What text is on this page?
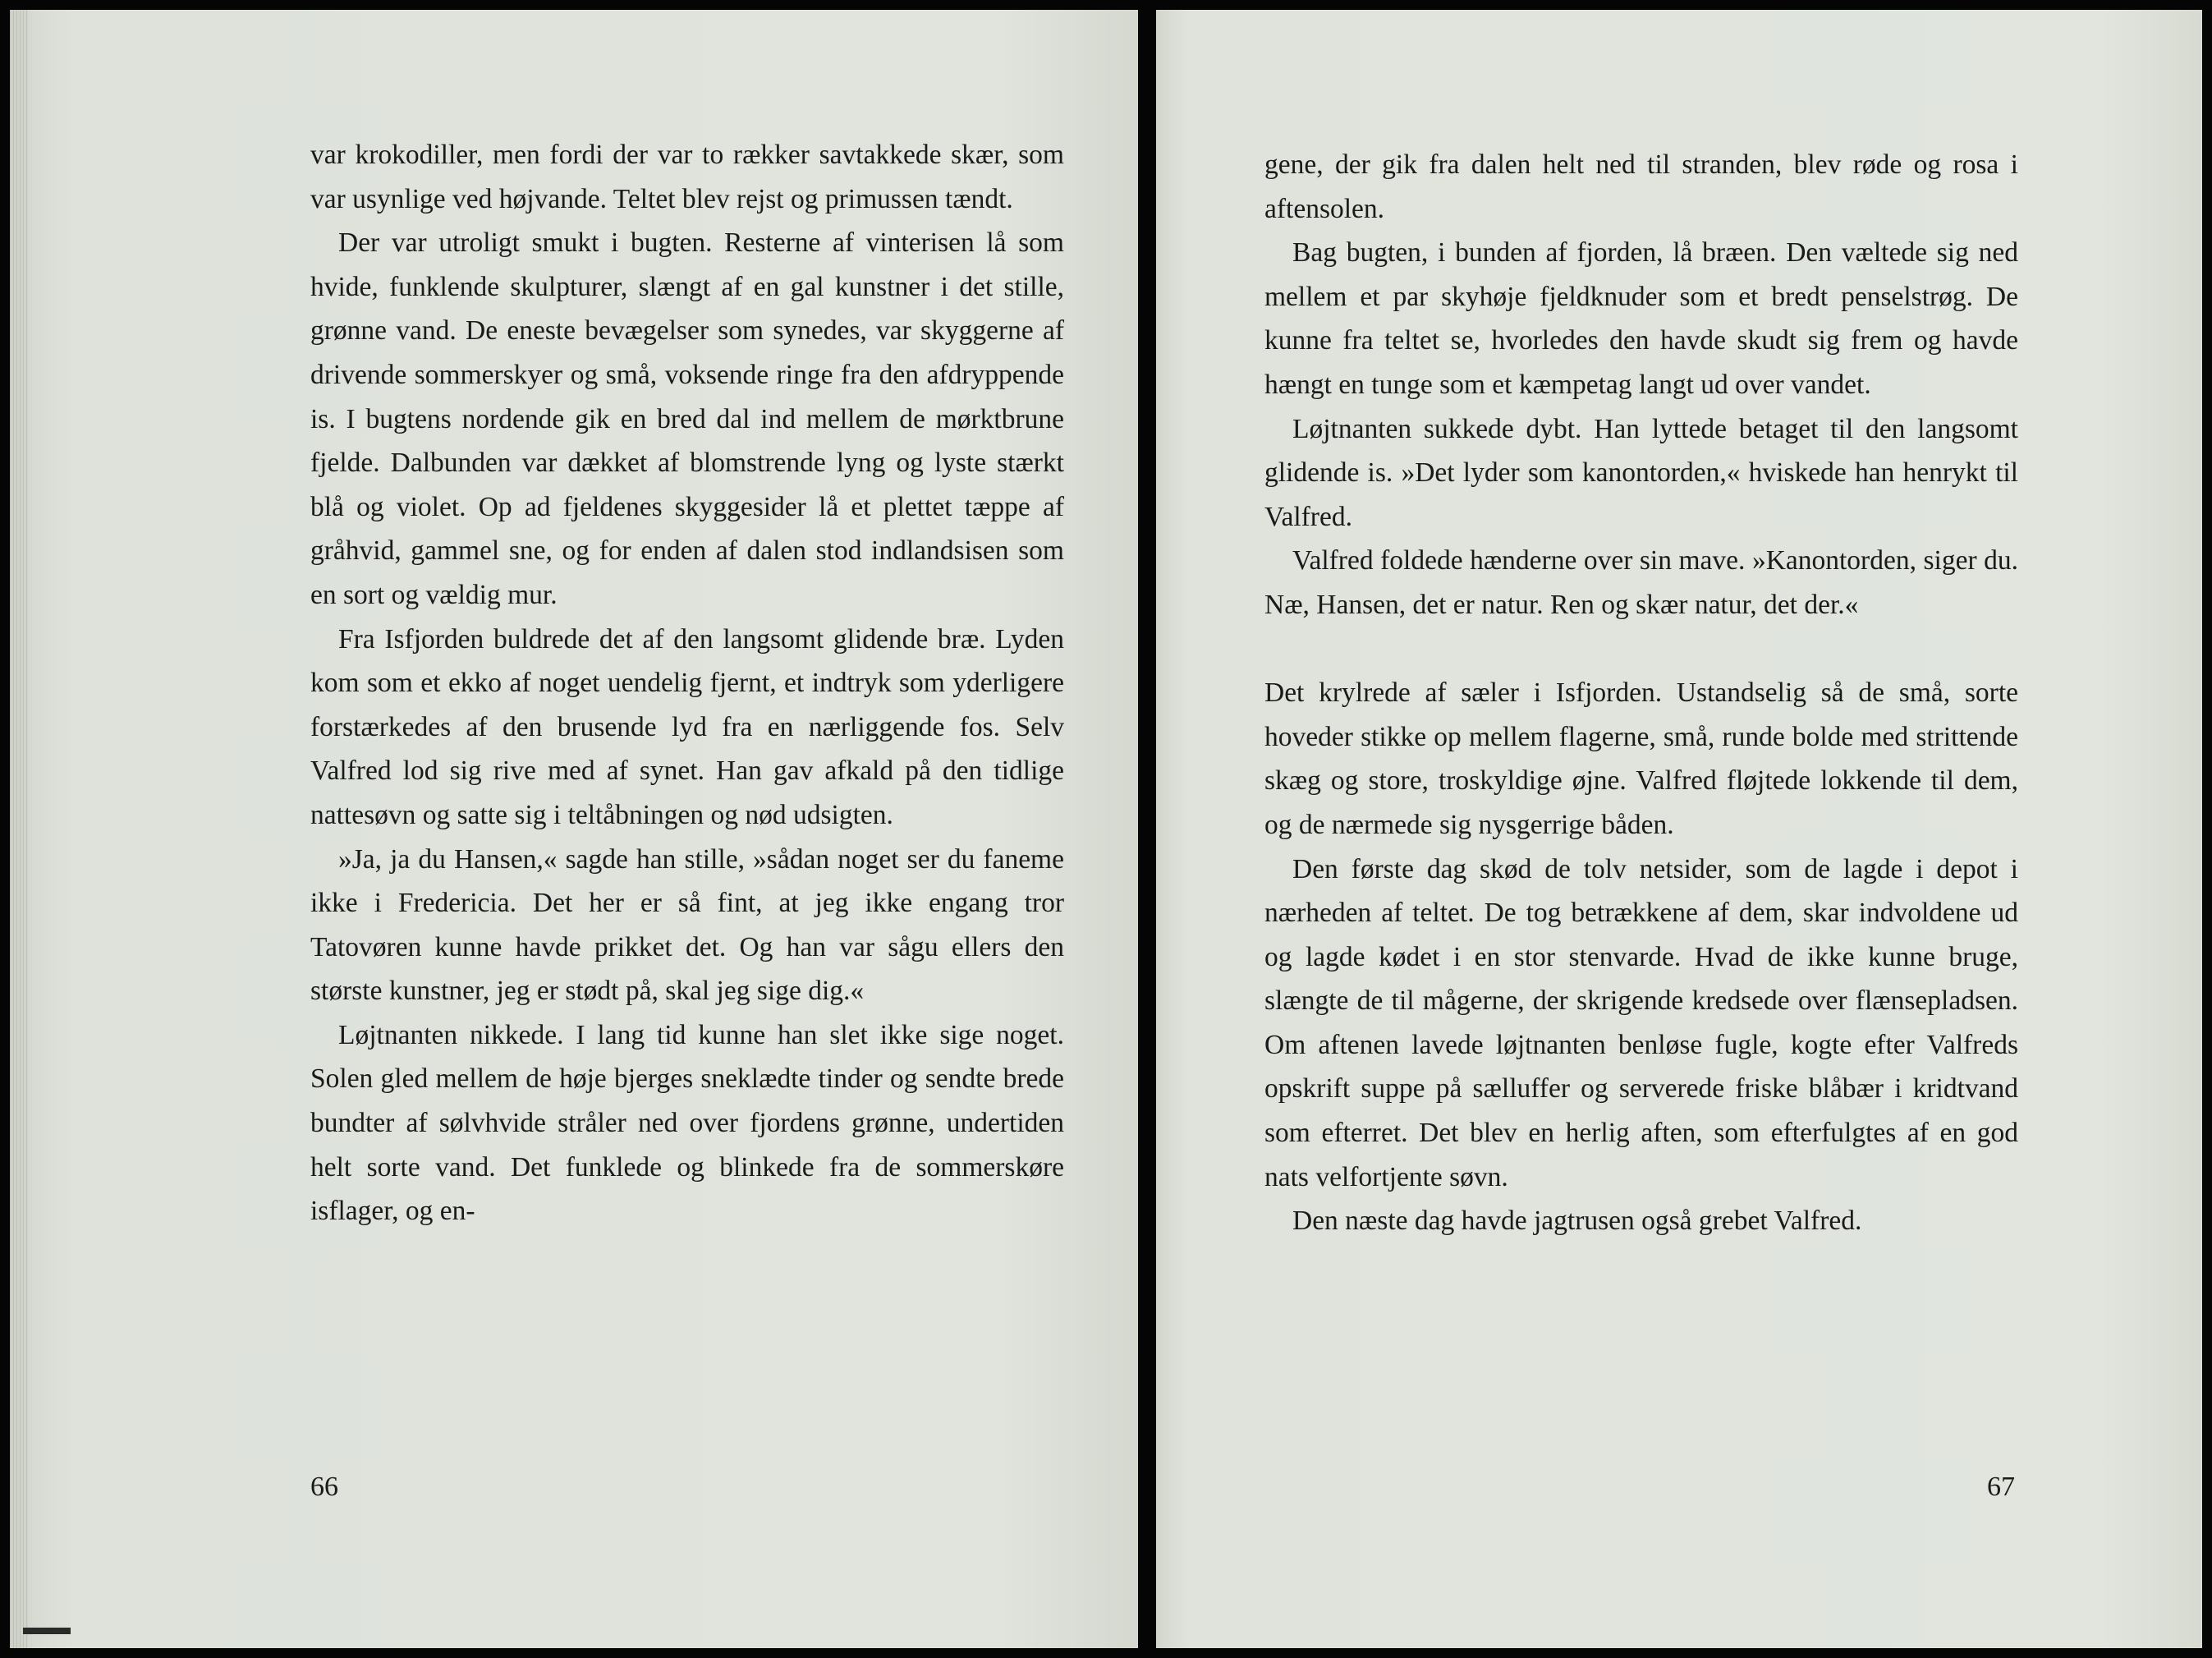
var krokodiller, men fordi der var to rækker savtakkede skær, som var usynlige ved højvande. Teltet blev rejst og primussen tændt.

Der var utroligt smukt i bugten. Resterne af vinterisen lå som hvide, funklende skulpturer, slængt af en gal kunstner i det stille, grønne vand. De eneste bevægelser som synedes, var skyggerne af drivende sommerskyer og små, voksende ringe fra den afdryppende is. I bugtens nordende gik en bred dal ind mellem de mørktbrune fjelde. Dalbunden var dækket af blomstrende lyng og lyste stærkt blå og violet. Op ad fjeldenes skyggesider lå et plettet tæppe af gråhvid, gammel sne, og for enden af dalen stod indlandsisen som en sort og vældig mur.

Fra Isfjorden buldrede det af den langsomt glidende bræ. Lyden kom som et ekko af noget uendelig fjernt, et indtryk som yderligere forstærkedes af den brusende lyd fra en nærliggende fos. Selv Valfred lod sig rive med af synet. Han gav afkald på den tidlige nattesøvn og satte sig i teltåbningen og nød udsigten.

»Ja, ja du Hansen,« sagde han stille, »sådan noget ser du faneme ikke i Fredericia. Det her er så fint, at jeg ikke engang tror Tatovøren kunne havde prikket det. Og han var sågu ellers den største kunstner, jeg er stødt på, skal jeg sige dig.«

Løjtnanten nikkede. I lang tid kunne han slet ikke sige noget. Solen gled mellem de høje bjerges sneklædte tinder og sendte brede bundter af sølvhvide stråler ned over fjordens grønne, undertiden helt sorte vand. Det funklede og blinkede fra de sommerskøre isflager, og en-

66

gene, der gik fra dalen helt ned til stranden, blev røde og rosa i aftensolen.

Bag bugten, i bunden af fjorden, lå bræen. Den væltede sig ned mellem et par skyhøje fjeldknuder som et bredt penselstrøg. De kunne fra teltet se, hvorledes den havde skudt sig frem og havde hængt en tunge som et kæmpetag langt ud over vandet.

Løjtnanten sukkede dybt. Han lyttede betaget til den langsomt glidende is. »Det lyder som kanontorden,« hviskede han henrykt til Valfred.

Valfred foldede hænderne over sin mave. »Kanontorden, siger du. Næ, Hansen, det er natur. Ren og skær natur, det der.«

Det krylrede af sæler i Isfjorden. Ustandselig så de små, sorte hoveder stikke op mellem flagerne, små, runde bolde med strittende skæg og store, troskyldige øjne. Valfred fløjtede lokkende til dem, og de nærmede sig nysgerrige båden.

Den første dag skød de tolv netsider, som de lagde i depot i nærheden af teltet. De tog betrækkene af dem, skar indvoldene ud og lagde kødet i en stor stenvarde. Hvad de ikke kunne bruge, slængte de til mågerne, der skrigende kredsede over flænsepladsen. Om aftenen lavede løjtnanten benløse fugle, kogte efter Valfreds opskrift suppe på sælluffer og serverede friske blåbær i kridtvand som efterret. Det blev en herlig aften, som efterfulgtes af en god nats velfortjente søvn.

Den næste dag havde jagtrusen også grebet Valfred.

67
